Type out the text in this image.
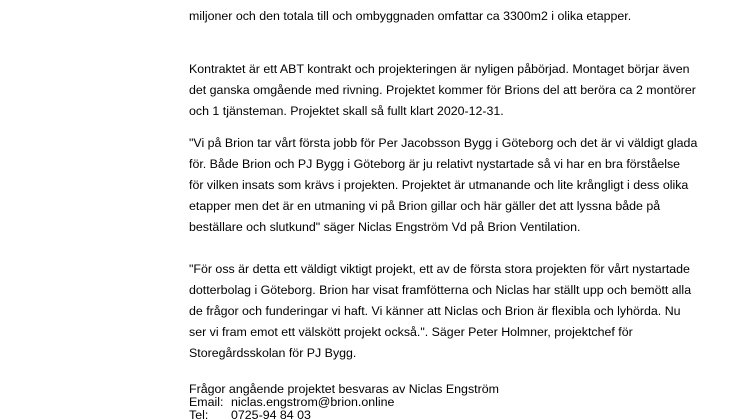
miljoner och den totala till och ombyggnaden omfattar ca 3300m2 i olika etapper.
Kontraktet är ett ABT kontrakt och projekteringen är nyligen påbörjad. Montaget börjar även
det ganska omgående med rivning. Projektet kommer för Brions del att beröra ca 2 montörer
och 1 tjänsteman. Projektet skall så fullt klart 2020-12-31.
"Vi på Brion tar vårt första jobb för Per Jacobsson Bygg i Göteborg och det är vi väldigt glada
för. Både Brion och PJ Bygg i Göteborg är ju relativt nystartade så vi har en bra förståelse
för vilken insats som krävs i projekten. Projektet är utmanande och lite krångligt i dess olika
etapper men det är en utmaning vi på Brion gillar och här gäller det att lyssna både på
beställare och slutkund" säger Niclas Engström Vd på Brion Ventilation.
"För oss är detta ett väldigt viktigt projekt, ett av de första stora projekten för vårt nystartade
dotterbolag i Göteborg. Brion har visat framfötterna och Niclas har ställt upp och bemött alla
de frågor och funderingar vi haft. Vi känner att Niclas och Brion är flexibla och lyhörda. Nu
ser vi fram emot ett välskött projekt också.". Säger Peter Holmner, projektchef för
Storegårdsskolan för PJ Bygg.
Frågor angående projektet besvaras av Niclas Engström
Email: niclas.engstrom@brion.online
Tel: 0725-94 84 03
